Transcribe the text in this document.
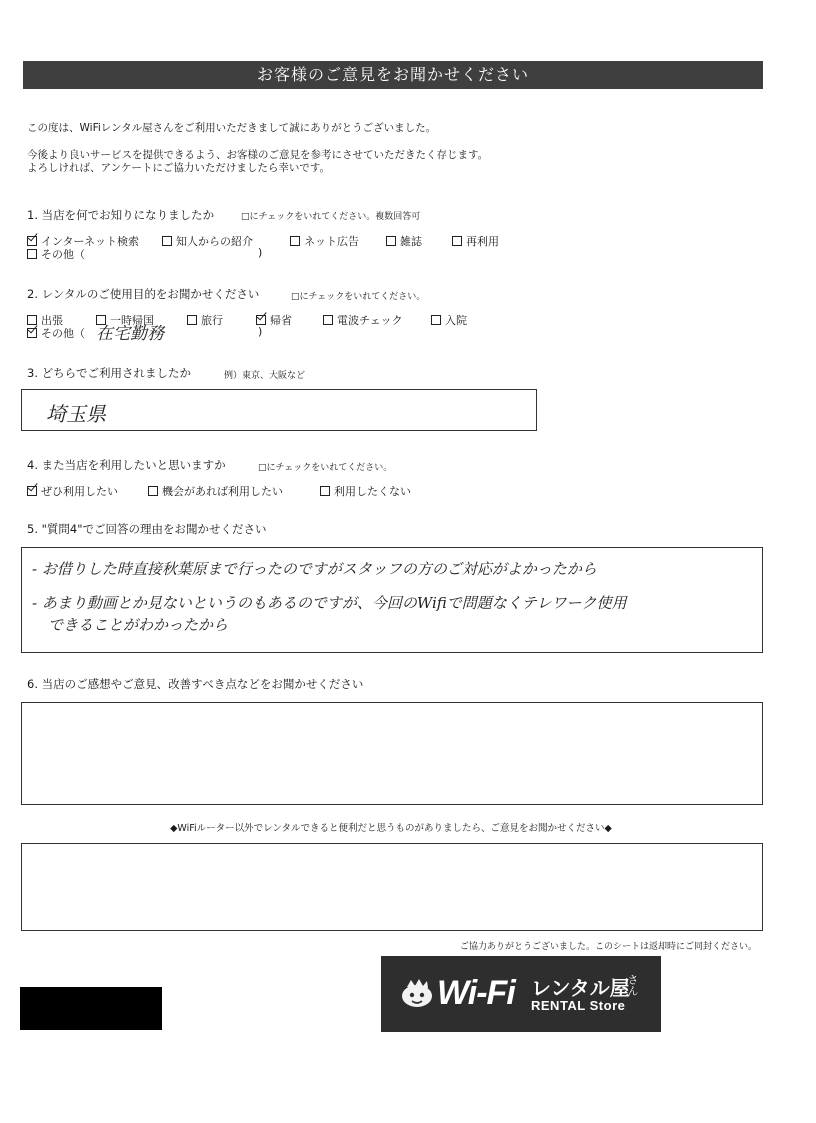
お客様のご意見をお聞かせください
この度は、WiFiレンタル屋さんをご利用いただきまして誠にありがとうございました。
今後より良いサービスを提供できるよう、お客様のご意見を参考にさせていただきたく存じます。
よろしければ、アンケートにご協力いただけましたら幸いです。
1. 当店を何でお知りになりましたか	□にチェックをいれてください。複数回答可
インターネット検索	知人からの紹介	ネット広告	雑誌	再利用
その他（	)
2. レンタルのご使用目的をお聞かせください	□にチェックをいれてください。
出張	一時帰国	旅行	帰省	電波チェック	入院
その他（ 在宅勤務	)
3. どちらでご利用されましたか	例）東京、大阪など
埼玉県
4. また当店を利用したいと思いますか	□にチェックをいれてください。
ぜひ利用したい	機会があれば利用したい	利用したくない
5. "質問4"でご回答の理由をお聞かせください
- お借りした時直接秋葉原まで行ったのですがスタッフの方のご対応がよかったから
- あまり動画とか見ないというのもあるのですが、今回のWifiで問題なくテレワーク使用
できることがわかったから
6. 当店のご感想やご意見、改善すべき点などをお聞かせください
◆WiFiルーター以外でレンタルできると便利だと思うものがありましたら、ご意見をお聞かせください◆
ご協力ありがとうございました。このシートは返却時にご同封ください。
Wi-Fi レンタル屋
さん
RENTAL Store
